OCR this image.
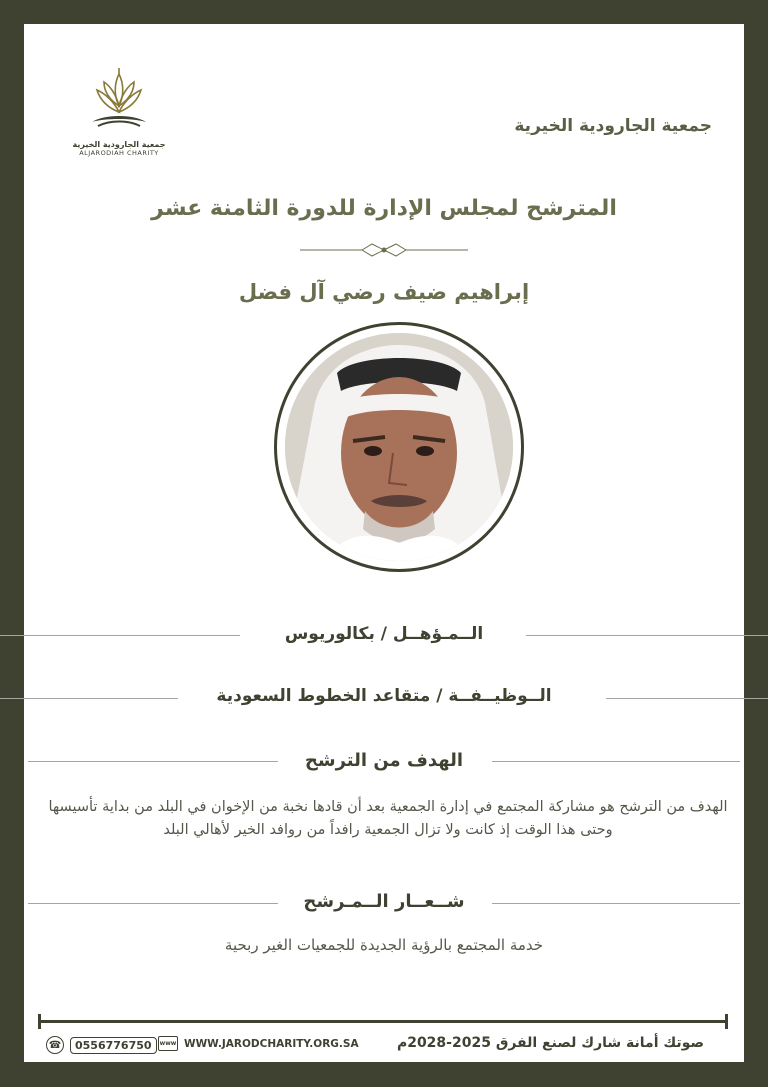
جمعية الجارودية الخيرية
ALJARODIAH CHARITY
جمعية الجارودية الخيرية
المترشح لمجلس الإدارة للدورة الثامنة عشر
إبراهيم ضيف رضي آل فضل
الــمـؤهــل / بكالوريوس
الــوظيــفــة / متقاعد الخطوط السعودية
الهدف من الترشح
الهدف من الترشح هو مشاركة المجتمع في إدارة الجمعية بعد أن قادها نخبة من الإخوان في البلد من بداية تأسيسها وحتى هذا الوقت إذ كانت ولا تزال الجمعية رافداً من روافد الخير لأهالي البلد
شــعــار الــمـرشح
خدمة المجتمع بالرؤية الجديدة للجمعيات الغير ربحية
☎	0556776750	www WWW.JARODCHARITY.ORG.SA	صوتك أمانة شارك لصنع الفرق 2025-2028م
